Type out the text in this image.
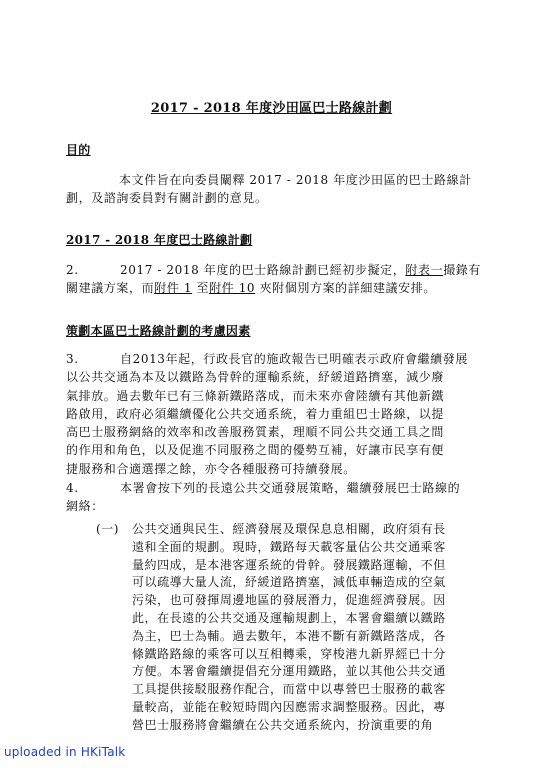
2017 - 2018 年度沙田區巴士路線計劃
目的
本文件旨在向委員闡釋 2017 - 2018 年度沙田區的巴士路線計
劃，及諮詢委員對有關計劃的意見。
2017 - 2018 年度巴士路線計劃
2.	2017 - 2018 年度的巴士路線計劃已經初步擬定，附表一撮錄有
關建議方案，而附件 1 至附件 10 夾附個別方案的詳細建議安排。
策劃本區巴士路線計劃的考慮因素
3.	自2013年起，行政長官的施政報告已明確表示政府會繼續發展
以公共交通為本及以鐵路為骨幹的運輸系統，紓緩道路擠塞，減少廢
氣排放。過去數年已有三條新鐵路落成，而未來亦會陸續有其他新鐵
路啟用，政府必須繼續優化公共交通系統，着力重組巴士路線，以提
高巴士服務網絡的效率和改善服務質素，理順不同公共交通工具之間
的作用和角色，以及促進不同服務之間的優勢互補，好讓市民享有便
捷服務和合適選擇之餘，亦令各種服務可持續發展。
4.	本署會按下列的長遠公共交通發展策略，繼續發展巴士路線的
網絡：
(一) 公共交通與民生、經濟發展及環保息息相關，政府須有長
遠和全面的規劃。現時，鐵路每天載客量佔公共交通乘客
量約四成，是本港客運系統的骨幹。發展鐵路運輸，不但
可以疏導大量人流，紓緩道路擠塞，減低車輛造成的空氣
污染，也可發揮周邊地區的發展潛力，促進經濟發展。因
此，在長遠的公共交通及運輸規劃上，本署會繼續以鐵路
為主，巴士為輔。過去數年，本港不斷有新鐵路落成，各
條鐵路路線的乘客可以互相轉乘，穿梭港九新界經已十分
方便。本署會繼續提倡充分運用鐵路，並以其他公共交通
工具提供接駁服務作配合，而當中以專營巴士服務的載客
量較高，並能在較短時間內因應需求調整服務。因此，專
營巴士服務將會繼續在公共交通系統內，扮演重要的角
uploaded in HKiTalk
